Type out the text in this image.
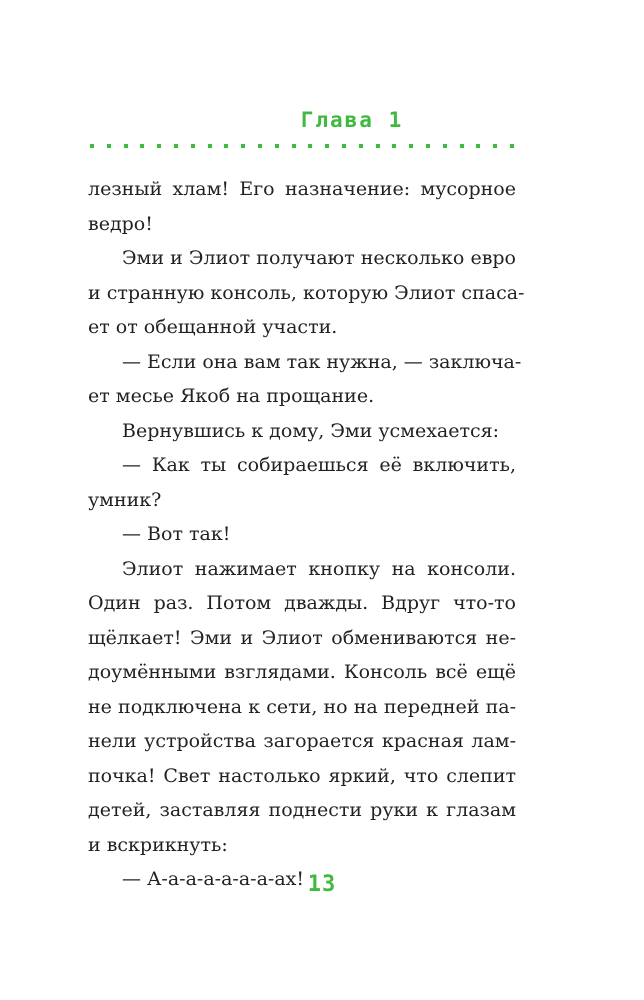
Глава 1
лезный хлам! Его назначение: мусорное
ведро!
Эми и Элиот получают несколько евро
и странную консоль, которую Элиот спаса-
ет от обещанной участи.
— Если она вам так нужна, — заключа-
ет месье Якоб на прощание.
Вернувшись к дому, Эми усмехается:
— Как ты собираешься её включить,
умник?
— Вот так!
Элиот нажимает кнопку на консоли.
Один раз. Потом дважды. Вдруг что-то
щёлкает! Эми и Элиот обмениваются не-
доумёнными взглядами. Консоль всё ещё
не подключена к сети, но на передней па-
нели устройства загорается красная лам-
почка! Свет настолько яркий, что слепит
детей, заставляя поднести руки к глазам
и вскрикнуть:
— А-а-а-а-а-а-а-ах! 13
